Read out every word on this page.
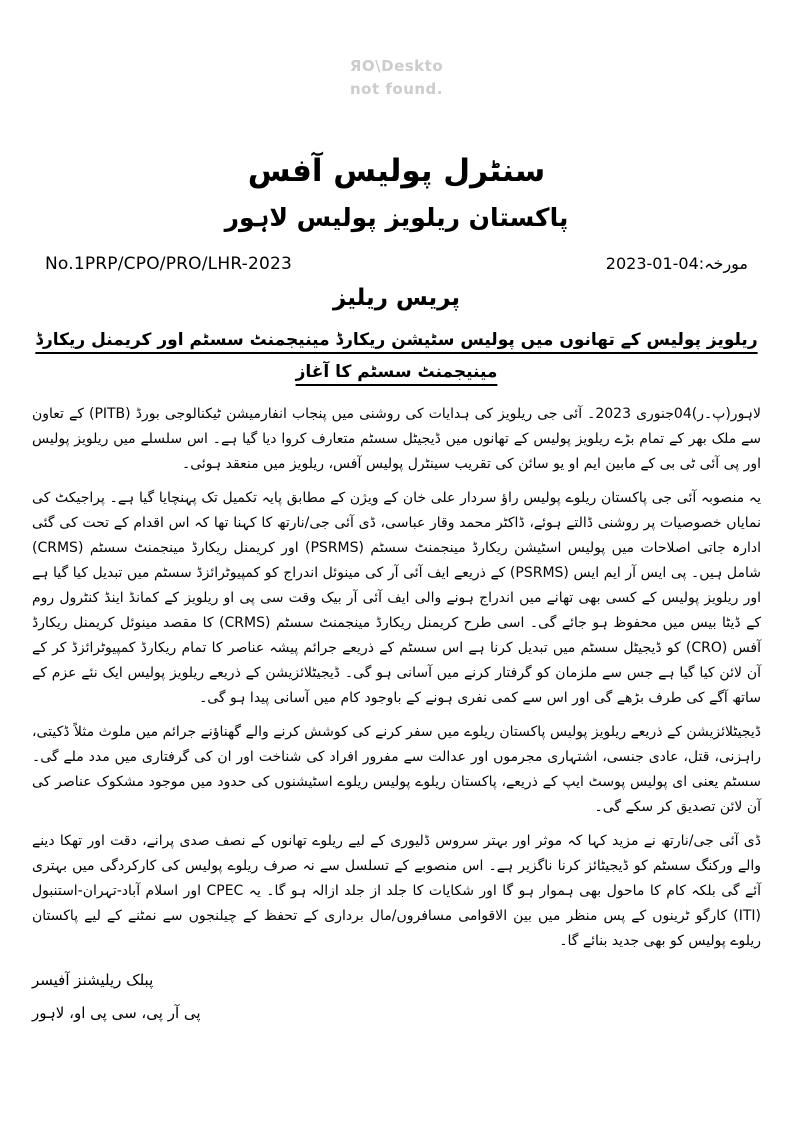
ЯO\Deskto
not found.
سنٹرل پولیس آفس
پاکستان ریلویز پولیس لاہور
No.1PRP/CPO/PRO/LHR-2023	مورخہ:04-01-2023
پریس ریلیز
ریلویز پولیس کے تھانوں میں پولیس سٹیشن ریکارڈ مینیجمنٹ سسٹم اور کریمنل ریکارڈ مینیجمنٹ سسٹم کا آغاز

لاہور(پ۔ر)04جنوری 2023۔ آئی جی ریلویز کی ہدایات کی روشنی میں پنجاب انفارمیشن ٹیکنالوجی بورڈ (PITB) کے تعاون سے ملک بھر کے تمام بڑے ریلویز پولیس کے تھانوں میں ڈیجیٹل سسٹم متعارف کروا دیا گیا ہے۔ اس سلسلے میں ریلویز پولیس اور پی آئی ٹی بی کے مابین ایم او یو سائن کی تقریب سینٹرل پولیس آفس، ریلویز میں منعقد ہوئی۔

یہ منصوبہ آئی جی پاکستان ریلوے پولیس راؤ سردار علی خان کے ویژن کے مطابق پایہ تکمیل تک پہنچایا گیا ہے۔ پراجیکٹ کی نمایاں خصوصیات پر روشنی ڈالتے ہوئے، ڈاکٹر محمد وقار عباسی، ڈی آئی جی/نارتھ کا کہنا تھا کہ اس اقدام کے تحت کی گئی ادارہ جاتی اصلاحات میں پولیس اسٹیشن ریکارڈ مینجمنٹ سسٹم (PSRMS) اور کریمنل ریکارڈ مینجمنٹ سسٹم (CRMS) شامل ہیں۔ پی ایس آر ایم ایس (PSRMS) کے ذریعے ایف آئی آر کی مینوئل اندراج کو کمپیوٹرائزڈ سسٹم میں تبدیل کیا گیا ہے اور ریلویز پولیس کے کسی بھی تھانے میں اندراج ہونے والی ایف آئی آر بیک وقت سی پی او ریلویز کے کمانڈ اینڈ کنٹرول روم کے ڈیٹا بیس میں محفوظ ہو جائے گی۔ اسی طرح کریمنل ریکارڈ مینجمنٹ سسٹم (CRMS) کا مقصد مینوئل کریمنل ریکارڈ آفس (CRO) کو ڈیجیٹل سسٹم میں تبدیل کرنا ہے اس سسٹم کے ذریعے جرائم پیشہ عناصر کا تمام ریکارڈ کمپیوٹرائزڈ کر کے آن لائن کیا گیا ہے جس سے ملزمان کو گرفتار کرنے میں آسانی ہو گی۔ ڈیجیٹلائزیشن کے ذریعے ریلویز پولیس ایک نئے عزم کے ساتھ آگے کی طرف بڑھے گی اور اس سے کمی نفری ہونے کے باوجود کام میں آسانی پیدا ہو گی۔

ڈیجیٹلائزیشن کے ذریعے ریلویز پولیس پاکستان ریلوے میں سفر کرنے کی کوشش کرنے والے گھناؤنے جرائم میں ملوث مثلاً ڈکیتی، راہزنی، قتل، عادی جنسی، اشتہاری مجرموں اور عدالت سے مفرور افراد کی شناخت اور ان کی گرفتاری میں مدد ملے گی۔ سسٹم یعنی ای پولیس پوسٹ ایپ کے ذریعے، پاکستان ریلوے پولیس ریلوے اسٹیشنوں کی حدود میں موجود مشکوک عناصر کی آن لائن تصدیق کر سکے گی۔

ڈی آئی جی/نارتھ نے مزید کہا کہ موثر اور بہتر سروس ڈلیوری کے لیے ریلوے تھانوں کے نصف صدی پرانے، دقت اور تھکا دینے والے ورکنگ سسٹم کو ڈیجیٹائز کرنا ناگزیر ہے۔ اس منصوبے کے تسلسل سے نہ صرف ریلوے پولیس کی کارکردگی میں بہتری آئے گی بلکہ کام کا ماحول بھی ہموار ہو گا اور شکایات کا جلد از جلد ازالہ ہو گا۔ یہ CPEC اور اسلام آباد-تہران-استنبول (ITI) کارگو ٹرینوں کے پس منظر میں بین الاقوامی مسافروں/مال برداری کے تحفظ کے چیلنجوں سے نمٹنے کے لیے پاکستان ریلوے پولیس کو بھی جدید بنائے گا۔

پبلک ریلیشنز آفیسر
پی آر پی، سی پی او، لاہور
